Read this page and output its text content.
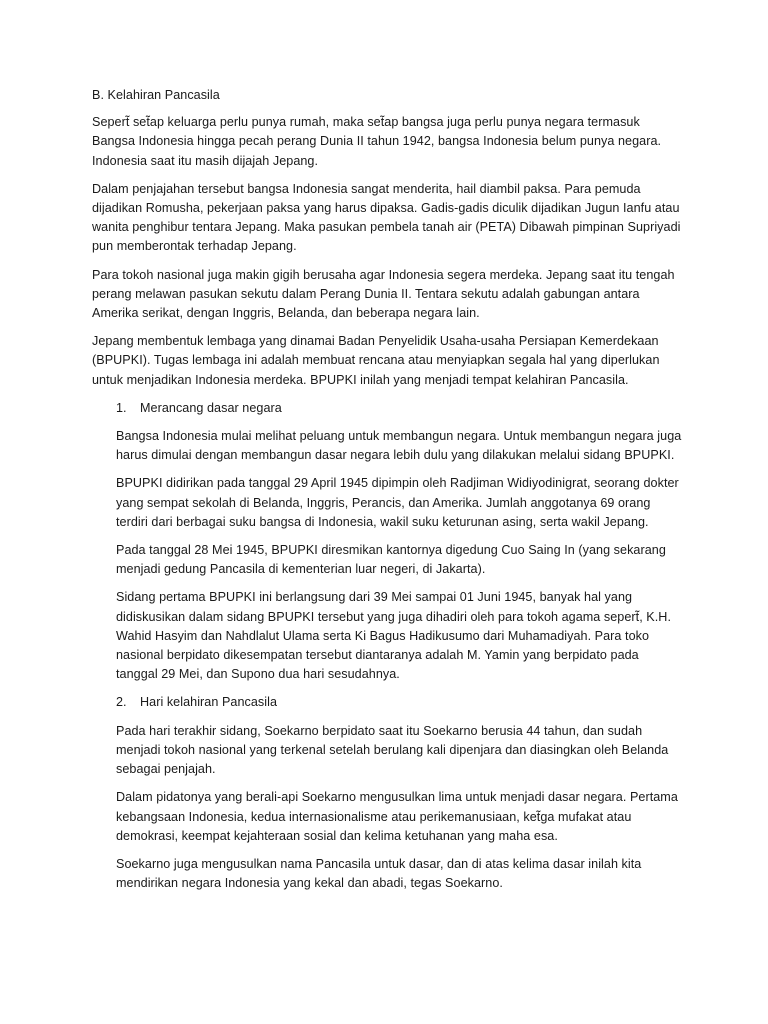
B. Kelahiran Pancasila

Sepert̃ set̃ap keluarga perlu punya rumah, maka set̃ap bangsa juga perlu punya negara termasuk Bangsa Indonesia hingga pecah perang Dunia II tahun 1942, bangsa Indonesia belum punya negara. Indonesia saat itu masih dijajah Jepang.

Dalam penjajahan tersebut bangsa Indonesia sangat menderita, hail diambil paksa. Para pemuda dijadikan Romusha, pekerjaan paksa yang harus dipaksa. Gadis-gadis diculik dijadikan Jugun Ianfu atau wanita penghibur tentara Jepang. Maka pasukan pembela tanah air (PETA) Dibawah pimpinan Supriyadi pun memberontak terhadap Jepang.

Para tokoh nasional juga makin gigih berusaha agar Indonesia segera merdeka. Jepang saat itu tengah perang melawan pasukan sekutu dalam Perang Dunia II. Tentara sekutu adalah gabungan antara Amerika serikat, dengan Inggris, Belanda, dan beberapa negara lain.

Jepang membentuk lembaga yang dinamai Badan Penyelidik Usaha-usaha Persiapan Kemerdekaan (BPUPKI). Tugas lembaga ini adalah membuat rencana atau menyiapkan segala hal yang diperlukan untuk menjadikan Indonesia merdeka. BPUPKI inilah yang menjadi tempat kelahiran Pancasila.

1.	Merancang dasar negara

Bangsa Indonesia mulai melihat peluang untuk membangun negara. Untuk membangun negara juga harus dimulai dengan membangun dasar negara lebih dulu yang dilakukan melalui sidang BPUPKI.

BPUPKI didirikan pada tanggal 29 April 1945 dipimpin oleh Radjiman Widiyodinigrat, seorang dokter yang sempat sekolah di Belanda, Inggris, Perancis, dan Amerika. Jumlah anggotanya 69 orang terdiri dari berbagai suku bangsa di Indonesia, wakil suku keturunan asing, serta wakil Jepang.

Pada tanggal 28 Mei 1945, BPUPKI diresmikan kantornya digedung Cuo Saing In (yang sekarang menjadi gedung Pancasila di kementerian luar negeri, di Jakarta).

Sidang pertama BPUPKI ini berlangsung dari 39 Mei sampai 01 Juni 1945, banyak hal yang didiskusikan dalam sidang BPUPKI tersebut yang juga dihadiri oleh para tokoh agama sepert̃, K.H. Wahid Hasyim dan Nahdlalut Ulama serta Ki Bagus Hadikusumo dari Muhamadiyah. Para toko nasional berpidato dikesempatan tersebut diantaranya adalah M. Yamin yang berpidato pada tanggal 29 Mei, dan Supono dua hari sesudahnya.

2.	Hari kelahiran Pancasila

Pada hari terakhir sidang, Soekarno berpidato saat itu Soekarno berusia 44 tahun, dan sudah menjadi tokoh nasional yang terkenal setelah berulang kali dipenjara dan diasingkan oleh Belanda sebagai penjajah.

Dalam pidatonya yang berali-api Soekarno mengusulkan lima untuk menjadi dasar negara. Pertama kebangsaan Indonesia, kedua internasionalisme atau perikemanusiaan, ket̃ga mufakat atau demokrasi, keempat kejahteraan sosial dan kelima ketuhanan yang maha esa.

Soekarno juga mengusulkan nama Pancasila untuk dasar, dan di atas kelima dasar inilah kita mendirikan negara Indonesia yang kekal dan abadi, tegas Soekarno.
